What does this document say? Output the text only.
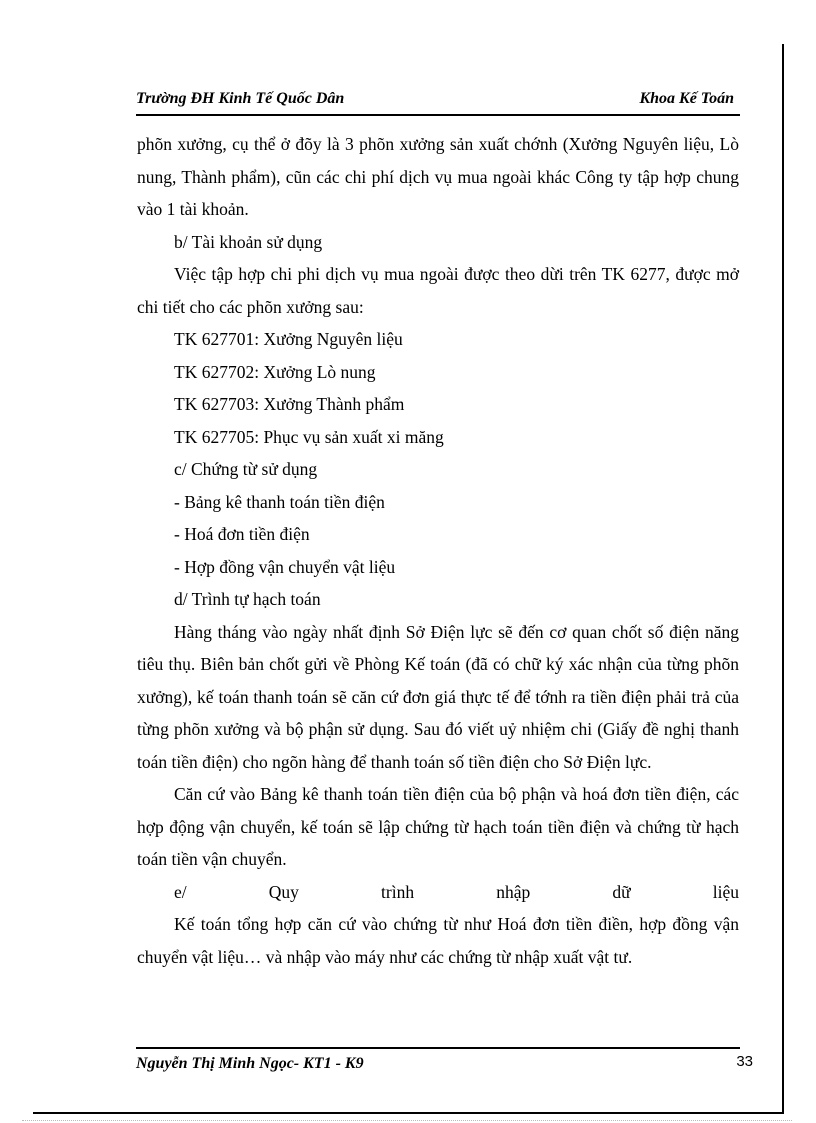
Trường ĐH Kinh Tế Quốc Dân	Khoa Kế Toán

phõn xưởng, cụ thể ở đõy là 3 phõn xưởng sản xuất chớnh (Xưởng Nguyên liệu, Lò nung, Thành phẩm), cũn các chi phí dịch vụ mua ngoài khác Công ty tập hợp chung vào 1 tài khoản.

b/ Tài khoản sử dụng

Việc tập hợp chi phi dịch vụ mua ngoài được theo dừi trên TK 6277, được mở chi tiết cho các phõn xưởng sau:

TK 627701: Xưởng Nguyên liệu

TK 627702: Xưởng Lò nung

TK 627703: Xưởng Thành phẩm

TK 627705: Phục vụ sản xuất xi măng

c/ Chứng từ sử dụng

- Bảng kê thanh toán tiền điện

- Hoá đơn tiền điện

- Hợp đồng vận chuyển vật liệu

d/ Trình tự hạch toán

Hàng tháng vào ngày nhất định Sở Điện lực sẽ đến cơ quan chốt số điện năng tiêu thụ. Biên bản chốt gửi về Phòng Kế toán (đã có chữ ký xác nhận của từng phõn xưởng), kế toán thanh toán sẽ căn cứ đơn giá thực tế để tớnh ra tiền điện phải trả của từng phõn xưởng và bộ phận sử dụng. Sau đó viết uỷ nhiệm chi (Giấy đề nghị thanh toán tiền điện) cho ngõn hàng để thanh toán số tiền điện cho Sở Điện lực.

Căn cứ vào Bảng kê thanh toán tiền điện của bộ phận và hoá đơn tiền điện, các hợp động vận chuyển, kế toán sẽ lập chứng từ hạch toán tiền điện và chứng từ hạch toán tiền vận chuyển.

e/	Quy	trình	nhập	dữ	liệu

Kế toán tổng hợp căn cứ vào chứng từ như Hoá đơn tiền điền, hợp đồng vận chuyển vật liệu… và nhập vào máy như các chứng từ nhập xuất vật tư.

Nguyễn Thị Minh Ngọc- KT1 - K9	33
